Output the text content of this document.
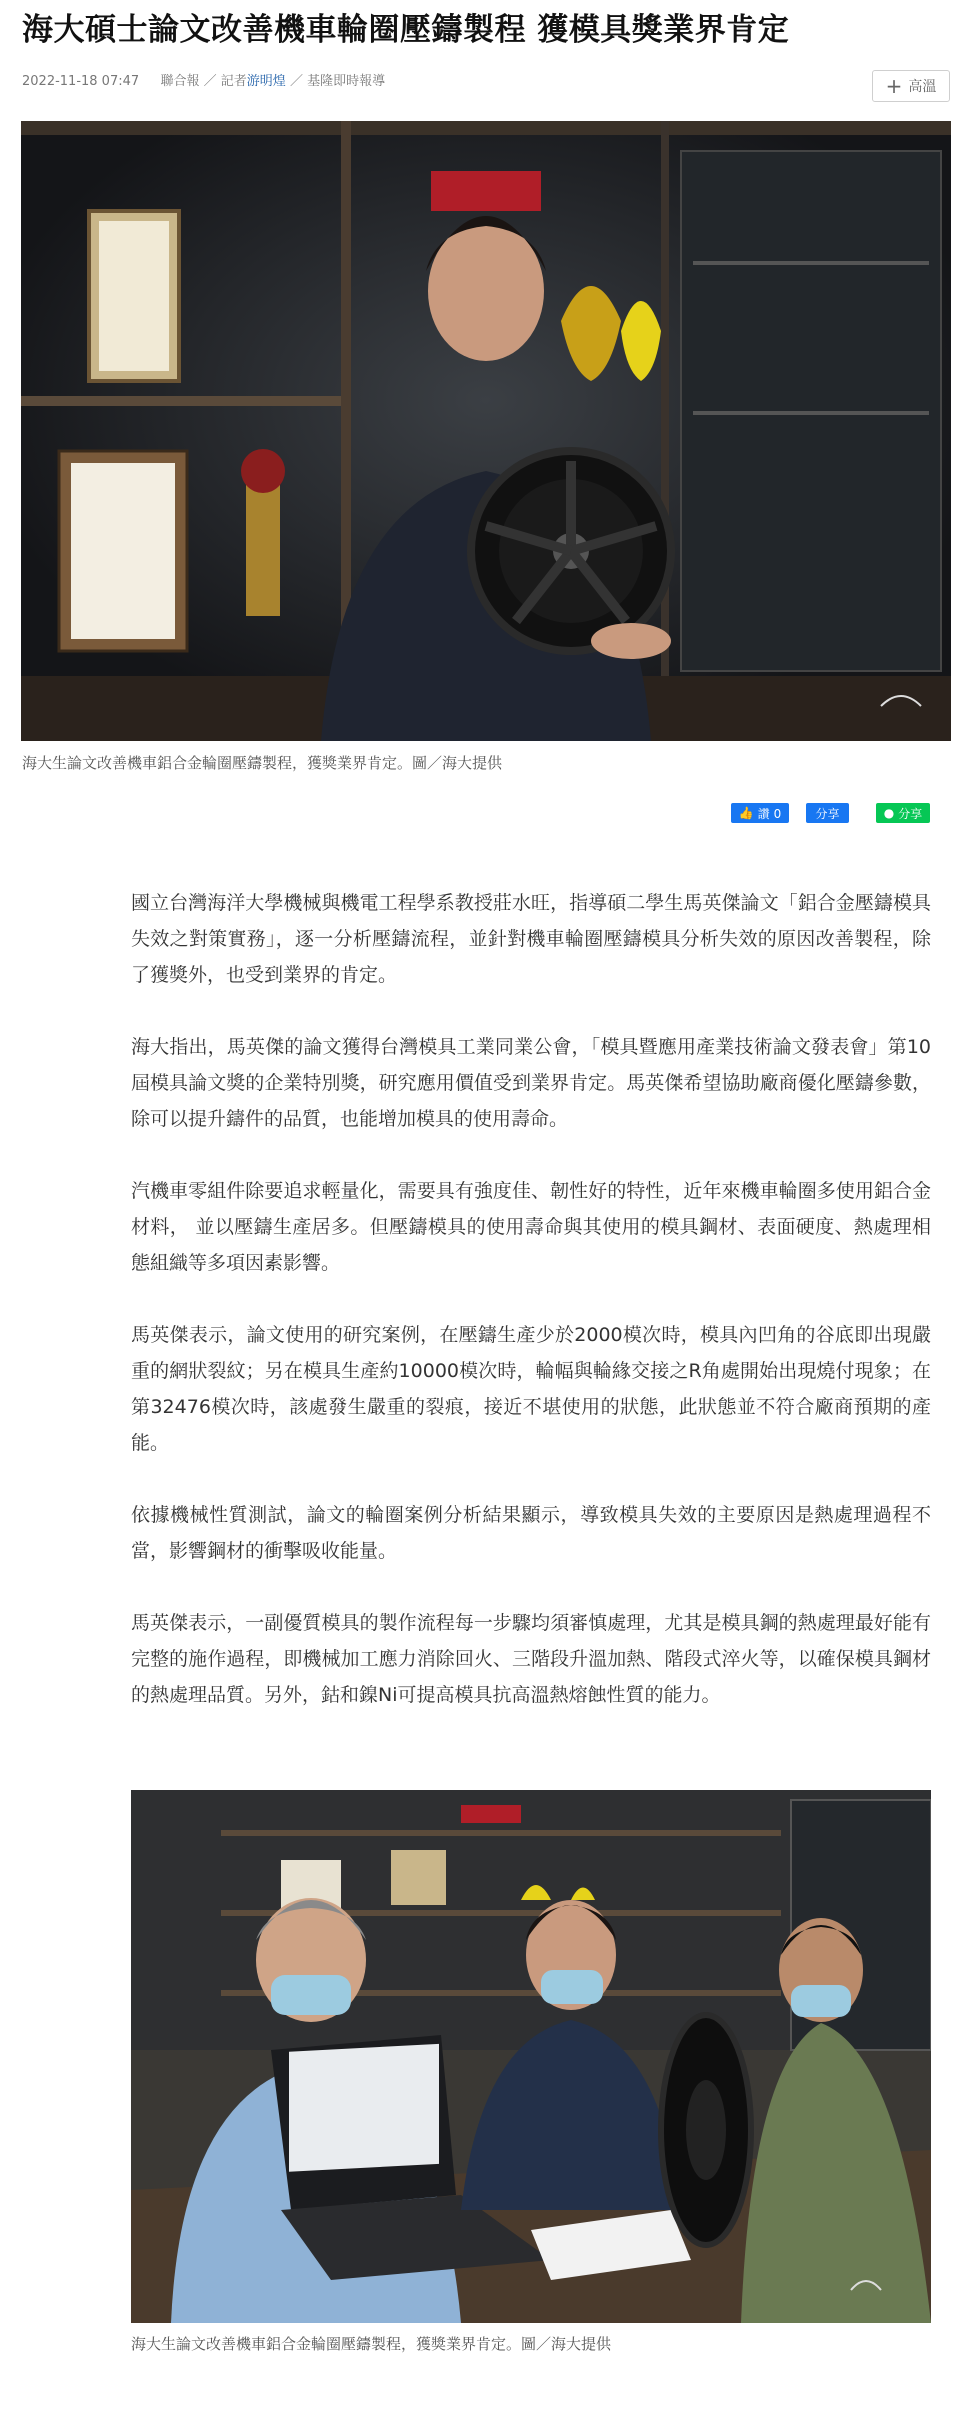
海大碩士論文改善機車輪圈壓鑄製程 獲模具獎業界肯定
2022-11-18 07:47 　 聯合報 ／ 記者游明煌 ／ 基隆即時報導	+ 高溫
海大生論文改善機車鋁合金輪圈壓鑄製程，獲獎業界肯定。圖／海大提供
👍 讚 0	分享	● 分享

國立台灣海洋大學機械與機電工程學系教授莊水旺，指導碩二學生馬英傑論文「鋁合金壓鑄模具失效之對策實務」，逐一分析壓鑄流程，並針對機車輪圈壓鑄模具分析失效的原因改善製程，除了獲獎外，也受到業界的肯定。

海大指出，馬英傑的論文獲得台灣模具工業同業公會，「模具暨應用產業技術論文發表會」第10屆模具論文獎的企業特別獎，研究應用價值受到業界肯定。馬英傑希望協助廠商優化壓鑄參數，除可以提升鑄件的品質，也能增加模具的使用壽命。

汽機車零組件除要追求輕量化，需要具有強度佳、韌性好的特性，近年來機車輪圈多使用鋁合金材料， 並以壓鑄生產居多。但壓鑄模具的使用壽命與其使用的模具鋼材、表面硬度、熱處理相態組織等多項因素影響。

馬英傑表示，論文使用的研究案例，在壓鑄生產少於2000模次時，模具內凹角的谷底即出現嚴重的網狀裂紋；另在模具生產約10000模次時，輪幅與輪緣交接之R角處開始出現燒付現象；在第32476模次時，該處發生嚴重的裂痕，接近不堪使用的狀態，此狀態並不符合廠商預期的產能。

依據機械性質測試，論文的輪圈案例分析結果顯示，導致模具失效的主要原因是熱處理過程不當，影響鋼材的衝擊吸收能量。

馬英傑表示，一副優質模具的製作流程每一步驟均須審慎處理，尤其是模具鋼的熱處理最好能有完整的施作過程，即機械加工應力消除回火、三階段升溫加熱、階段式淬火等，以確保模具鋼材的熱處理品質。另外，鈷和鎳Ni可提高模具抗高溫熱熔蝕性質的能力。

海大生論文改善機車鋁合金輪圈壓鑄製程，獲獎業界肯定。圖／海大提供
